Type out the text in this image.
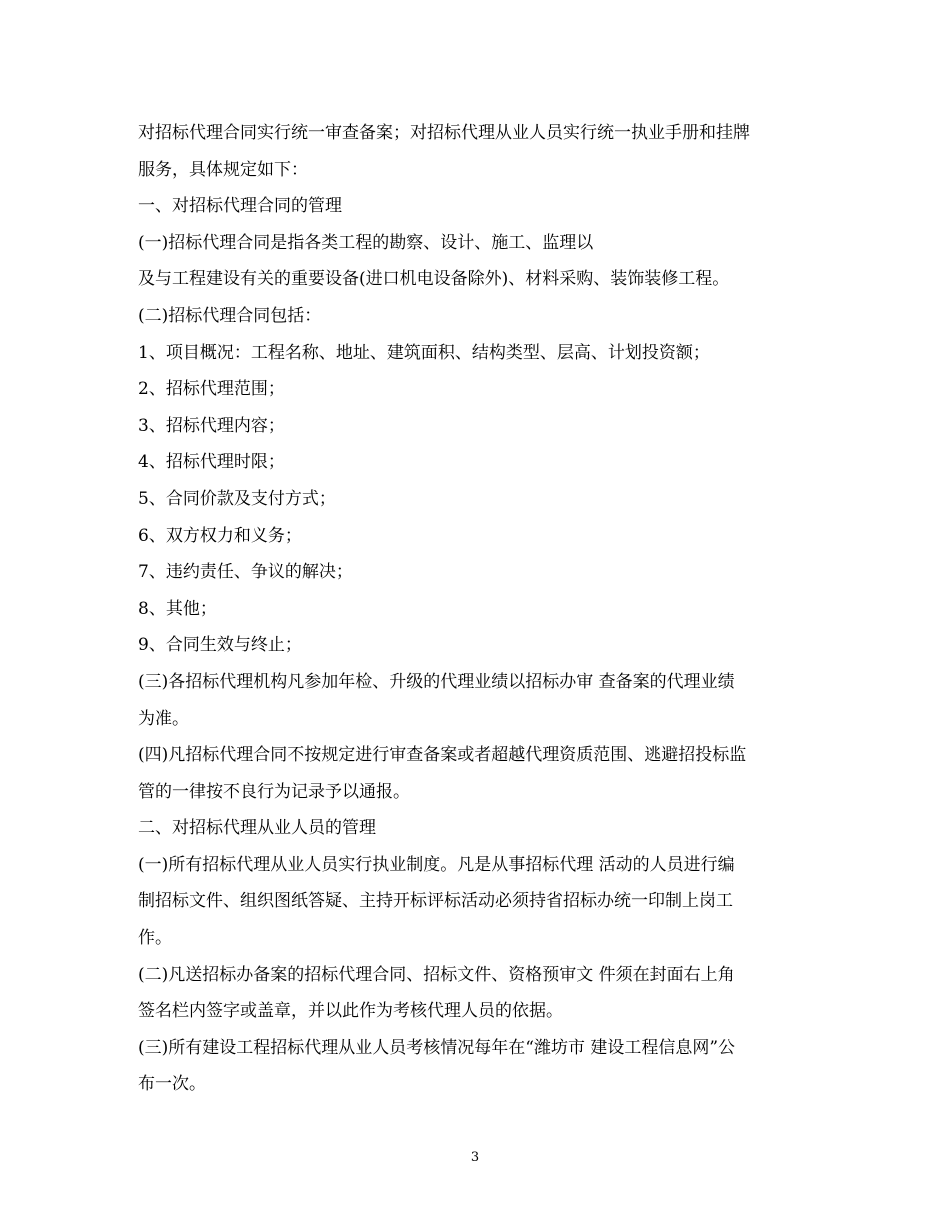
对招标代理合同实行统一审查备案；对招标代理从业人员实行统一执业手册和挂牌

服务，具体规定如下：

一、对招标代理合同的管理

(一)招标代理合同是指各类工程的勘察、设计、施工、监理以

及与工程建设有关的重要设备(进口机电设备除外)、材料采购、装饰装修工程。

(二)招标代理合同包括：

1、项目概况：工程名称、地址、建筑面积、结构类型、层高、计划投资额；

2、招标代理范围；

3、招标代理内容；

4、招标代理时限；

5、合同价款及支付方式；

6、双方权力和义务；

7、违约责任、争议的解决；

8、其他；

9、合同生效与终止；

(三)各招标代理机构凡参加年检、升级的代理业绩以招标办审 查备案的代理业绩

为准。

(四)凡招标代理合同不按规定进行审查备案或者超越代理资质范围、逃避招投标监

管的一律按不良行为记录予以通报。

二、对招标代理从业人员的管理

(一)所有招标代理从业人员实行执业制度。凡是从事招标代理 活动的人员进行编

制招标文件、组织图纸答疑、主持开标评标活动必须持省招标办统一印制上岗工

作。

(二)凡送招标办备案的招标代理合同、招标文件、资格预审文 件须在封面右上角

签名栏内签字或盖章，并以此作为考核代理人员的依据。

(三)所有建设工程招标代理从业人员考核情况每年在“潍坊市 建设工程信息网”公

布一次。

3
